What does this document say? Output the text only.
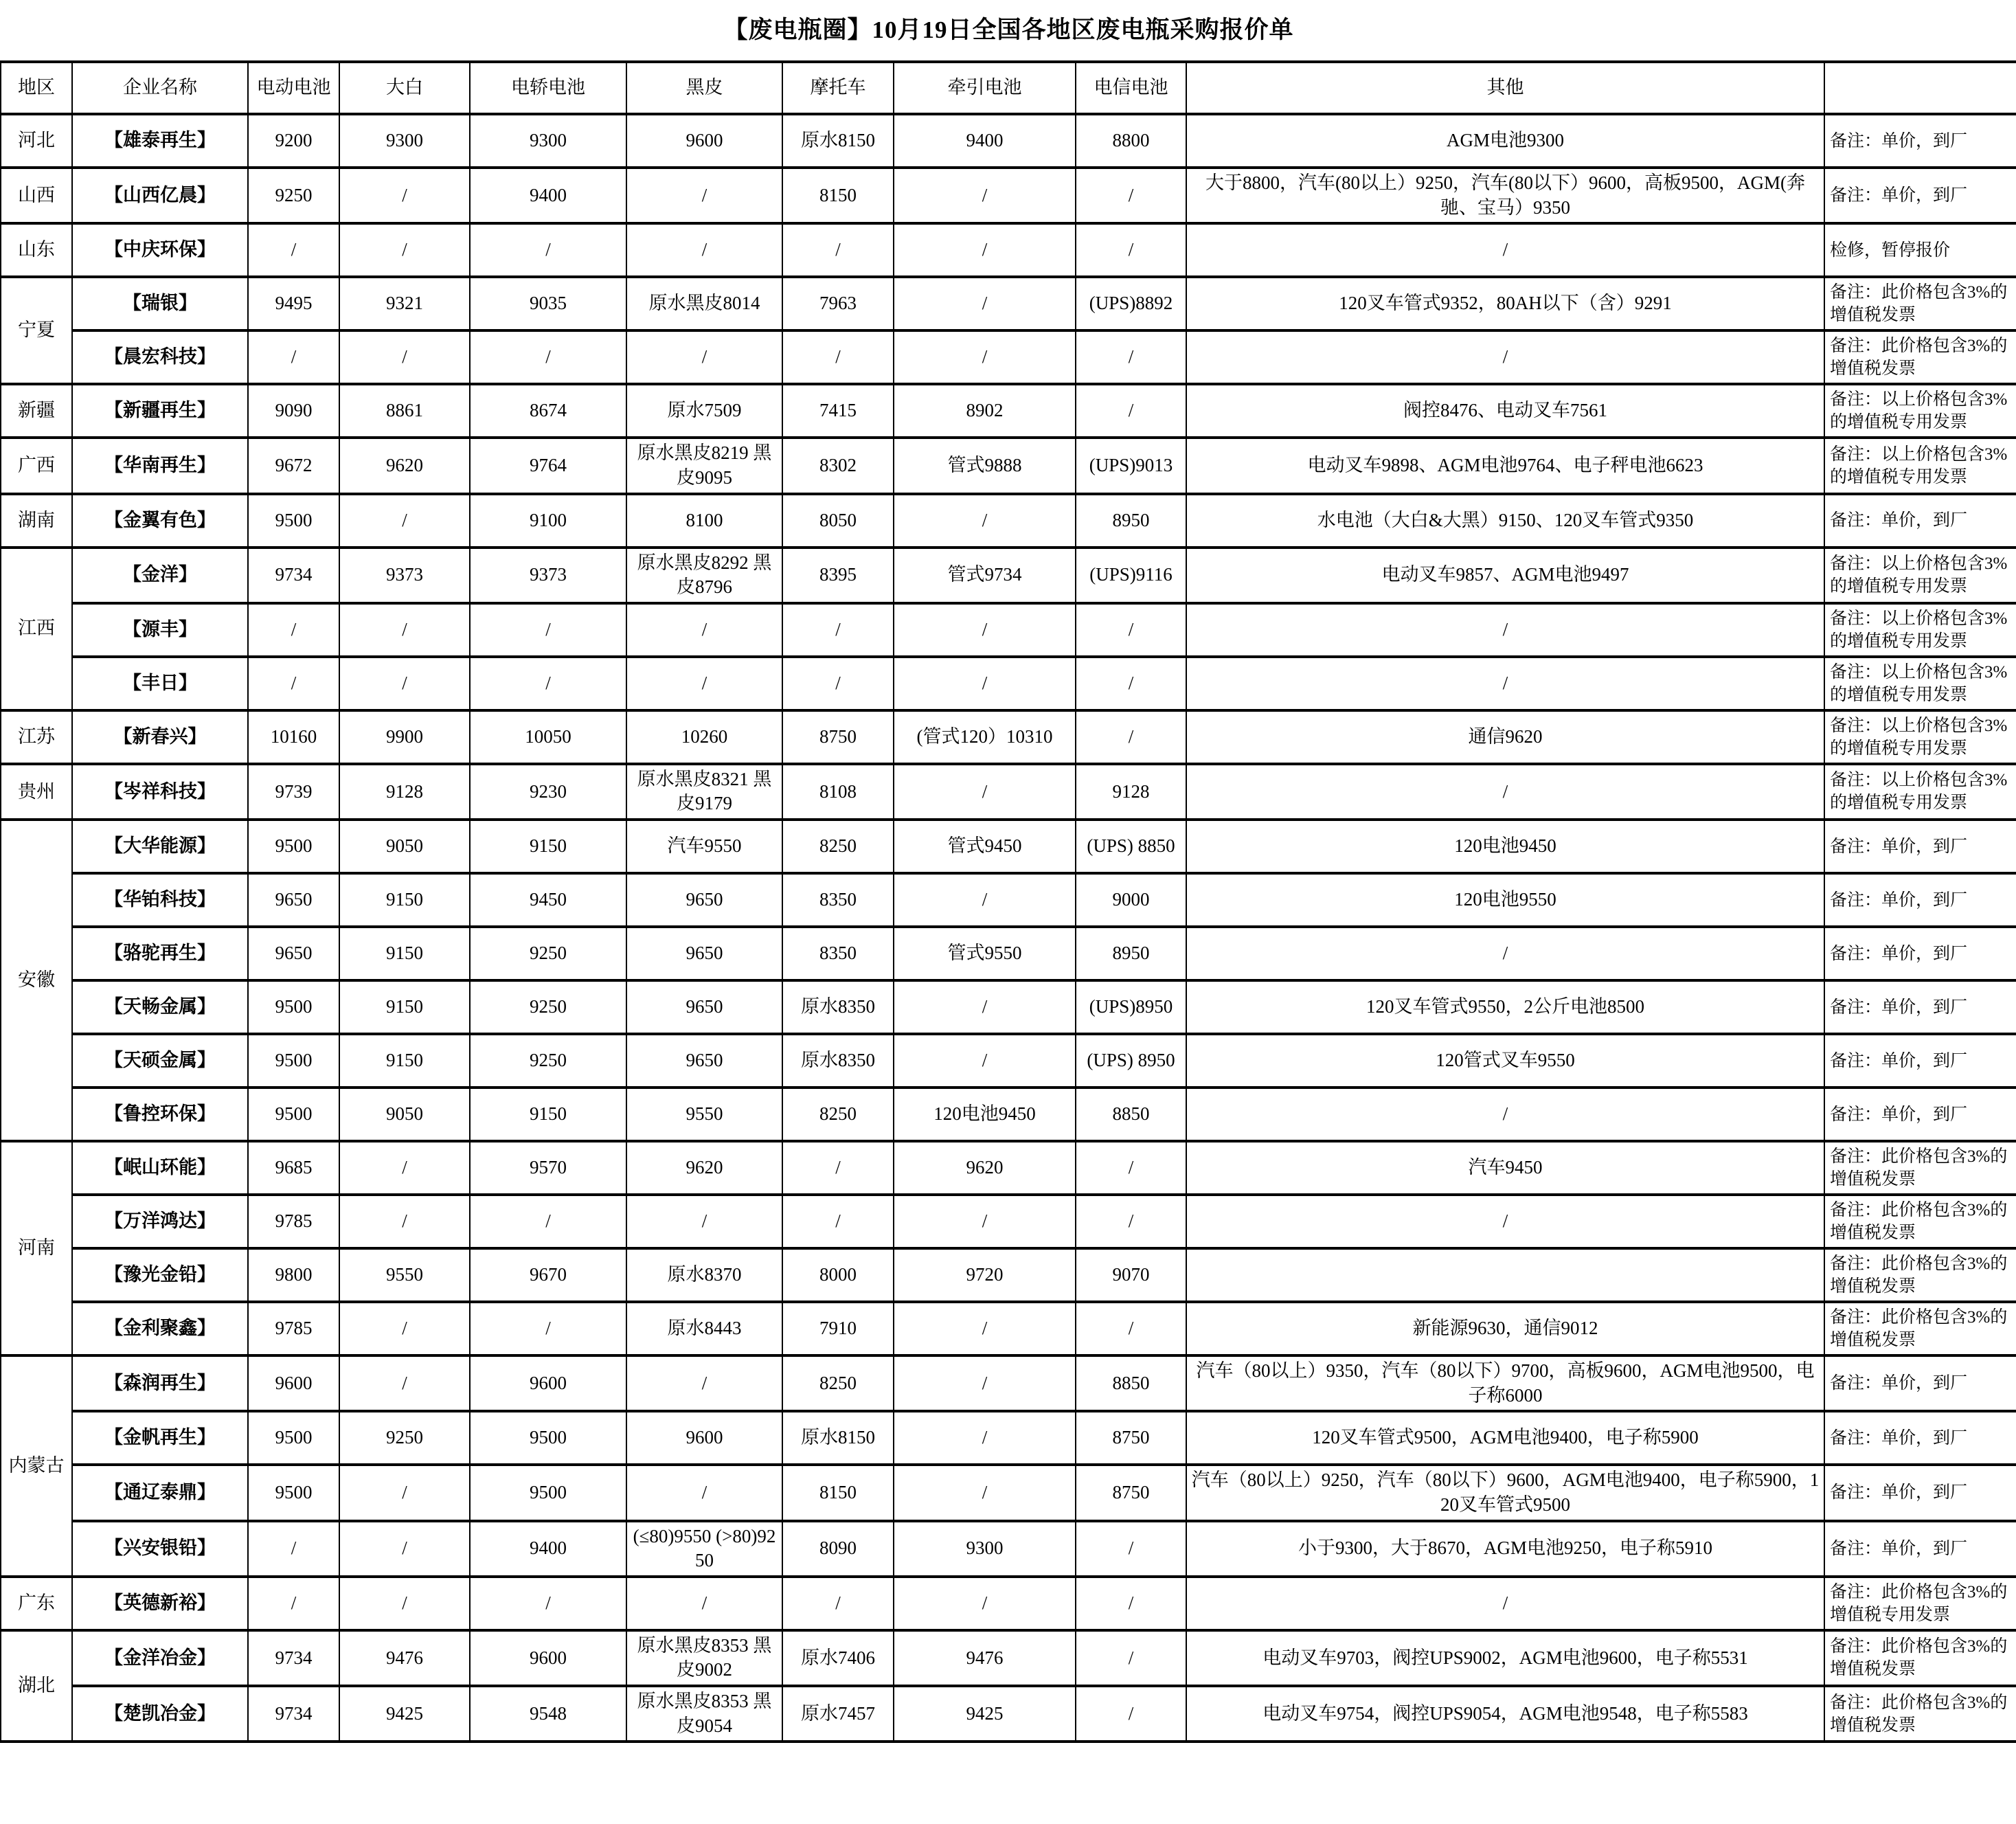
【废电瓶圈】10月19日全国各地区废电瓶采购报价单										
地区	企业名称	电动电池	大白	电轿电池	黑皮	摩托车	牵引电池	电信电池	其他	
河北	【雄泰再生】	9200	9300	9300	9600	原水8150	9400	8800	AGM电池9300	备注：单价，到厂
山西	【山西亿晨】	9250	/	9400	/	8150	/	/	大于8800，汽车(80以上）9250，汽车(80以下）9600，高板9500，AGM(奔驰、宝马）9350	备注：单价，到厂
山东	【中庆环保】	/	/	/	/	/	/	/	/	检修，暂停报价
宁夏	【瑞银】	9495	9321	9035	原水黑皮8014	7963	/	(UPS)8892	120叉车管式9352，80AH以下（含）9291	备注：此价格包含3%的增值税发票
	【晨宏科技】	/	/	/	/	/	/	/	/	备注：此价格包含3%的增值税发票
新疆	【新疆再生】	9090	8861	8674	原水7509	7415	8902	/	阀控8476、电动叉车7561	备注：以上价格包含3%的增值税专用发票
广西	【华南再生】	9672	9620	9764	原水黑皮8219 黑皮9095	8302	管式9888	(UPS)9013	电动叉车9898、AGM电池9764、电子秤电池6623	备注：以上价格包含3%的增值税专用发票
湖南	【金翼有色】	9500	/	9100	8100	8050	/	8950	水电池（大白&大黑）9150、120叉车管式9350	备注：单价，到厂
江西	【金洋】	9734	9373	9373	原水黑皮8292 黑皮8796	8395	管式9734	(UPS)9116	电动叉车9857、AGM电池9497	备注：以上价格包含3%的增值税专用发票
	【源丰】	/	/	/	/	/	/	/	/	备注：以上价格包含3%的增值税专用发票
	【丰日】	/	/	/	/	/	/	/	/	备注：以上价格包含3%的增值税专用发票
江苏	【新春兴】	10160	9900	10050	10260	8750	(管式120）10310	/	通信9620	备注：以上价格包含3%的增值税专用发票
贵州	【岑祥科技】	9739	9128	9230	原水黑皮8321 黑皮9179	8108	/	9128	/	备注：以上价格包含3%的增值税专用发票
安徽	【大华能源】	9500	9050	9150	汽车9550	8250	管式9450	(UPS) 8850	120电池9450	备注：单价，到厂
	【华铂科技】	9650	9150	9450	9650	8350	/	9000	120电池9550	备注：单价，到厂
	【骆驼再生】	9650	9150	9250	9650	8350	管式9550	8950	/	备注：单价，到厂
	【天畅金属】	9500	9150	9250	9650	原水8350	/	(UPS)8950	120叉车管式9550，2公斤电池8500	备注：单价，到厂
	【天硕金属】	9500	9150	9250	9650	原水8350	/	(UPS) 8950	120管式叉车9550	备注：单价，到厂
	【鲁控环保】	9500	9050	9150	9550	8250	120电池9450	8850	/	备注：单价，到厂
河南	【岷山环能】	9685	/	9570	9620	/	9620	/	汽车9450	备注：此价格包含3%的增值税发票
	【万洋鸿达】	9785	/	/	/	/	/	/	/	备注：此价格包含3%的增值税发票
	【豫光金铅】	9800	9550	9670	原水8370	8000	9720	9070		备注：此价格包含3%的增值税发票
	【金利聚鑫】	9785	/	/	原水8443	7910	/	/	新能源9630，通信9012	备注：此价格包含3%的增值税发票
内蒙古	【森润再生】	9600	/	9600	/	8250	/	8850	汽车（80以上）9350，汽车（80以下）9700，高板9600，AGM电池9500，电子称6000	备注：单价，到厂
	【金帆再生】	9500	9250	9500	9600	原水8150	/	8750	120叉车管式9500，AGM电池9400，电子称5900	备注：单价，到厂
	【通辽泰鼎】	9500	/	9500	/	8150	/	8750	汽车（80以上）9250，汽车（80以下）9600，AGM电池9400，电子称5900，120叉车管式9500	备注：单价，到厂
	【兴安银铅】	/	/	9400	(≤80)9550 (>80)9250	8090	9300	/	小于9300，大于8670，AGM电池9250，电子称5910	备注：单价，到厂
广东	【英德新裕】	/	/	/	/	/	/	/	/	备注：此价格包含3%的增值税专用发票
湖北	【金洋冶金】	9734	9476	9600	原水黑皮8353 黑皮9002	原水7406	9476	/	电动叉车9703，阀控UPS9002，AGM电池9600，电子称5531	备注：此价格包含3%的增值税发票
	【楚凯冶金】	9734	9425	9548	原水黑皮8353 黑皮9054	原水7457	9425	/	电动叉车9754，阀控UPS9054，AGM电池9548，电子称5583	备注：此价格包含3%的增值税发票
